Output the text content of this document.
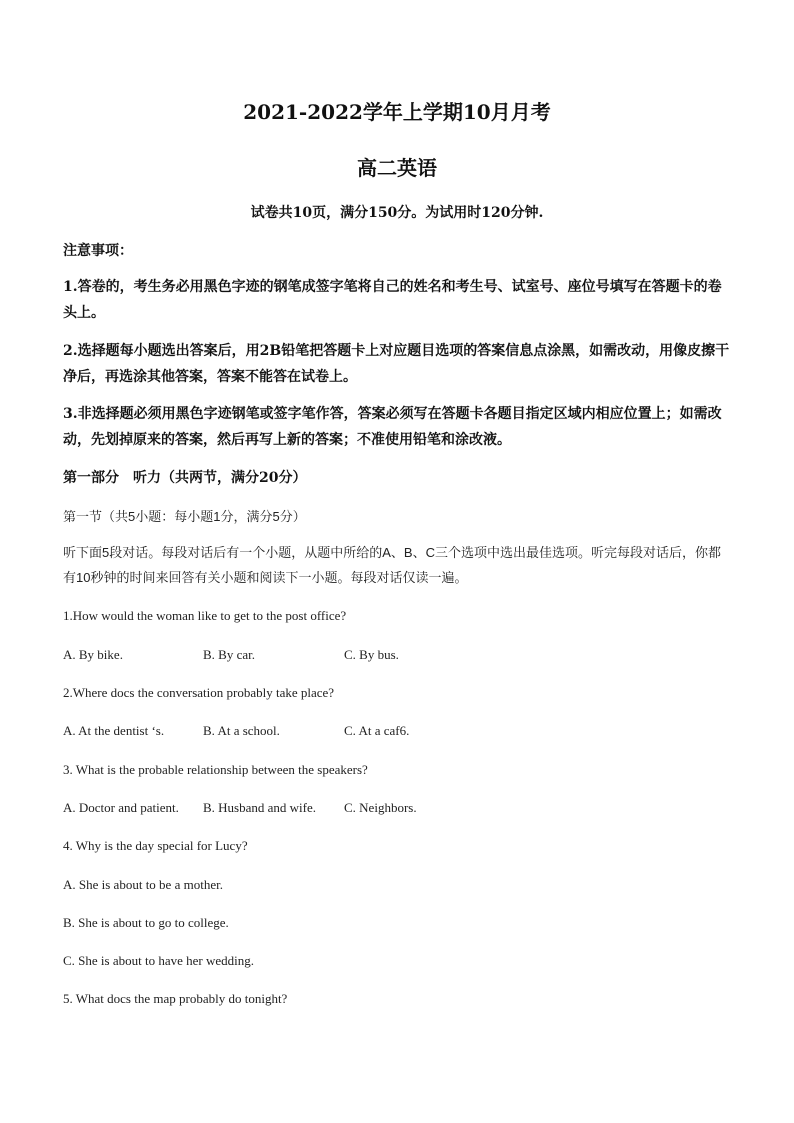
2021-2022学年上学期10月月考
高二英语
试卷共10页，满分150分。为试用时120分钟.
注意事项：
1.答卷的，考生务必用黑色字迹的钢笔成签字笔将自己的姓名和考生号、试室号、座位号填写在答题卡的卷头上。
2.选择题每小题选出答案后，用2B铅笔把答题卡上对应题目选项的答案信息点涂黑，如需改动，用像皮擦干净后，再选涂其他答案，答案不能答在试卷上。
3.非选择题必须用黑色字迹钢笔或签字笔作答，答案必须写在答题卡各题目指定区域内相应位置上；如需改动，先划掉原来的答案，然后再写上新的答案；不准使用铅笔和涂改液。
第一部分　听力（共两节，满分20分）
第一节（共5小题：每小题1分，满分5分）
听下面5段对话。每段对话后有一个小题，从题中所给的A、B、C三个选项中选出最佳选项。听完每段对话后，你都有10秒钟的时间来回答有关小题和阅读下一小题。每段对话仅读一遍。
1.How would the woman like to get to the post office?
A. By bike.	B. By car.	C. By bus.
2.Where docs the conversation probably take place?
A. At the dentist ‘s.	B. At a school.	C. At a caf6.
3. What is the probable relationship between the speakers?
A. Doctor and patient. B. Husband and wife. C. Neighbors.
4. Why is the day special for Lucy?
A. She is about to be a mother.
B. She is about to go to college.
C. She is about to have her wedding.
5. What docs the map probably do tonight?
